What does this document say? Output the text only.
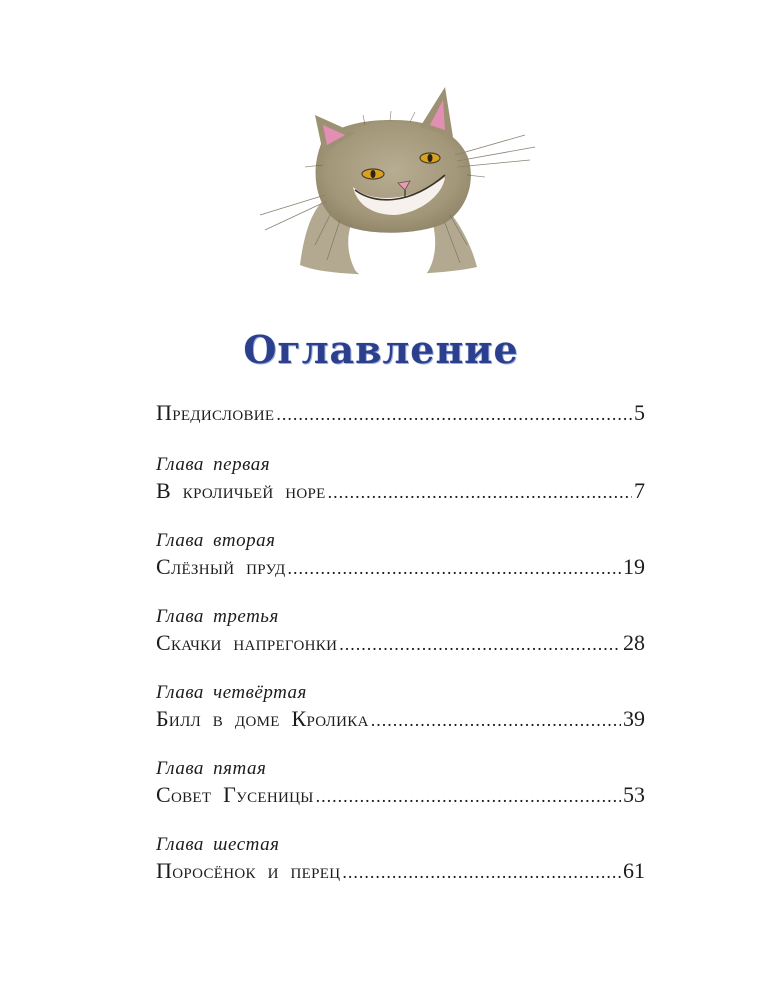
Оглавление
Предисловие .....	5
Глава первая
В кроличьей норе .....	7
Глава вторая
Слёзный пруд .....	19
Глава третья
Скачки напрегонки .....	28
Глава четвёртая
Билл в доме Кролика .....	39
Глава пятая
Совет Гусеницы .....	53
Глава шестая
Поросёнок и перец .....	61
